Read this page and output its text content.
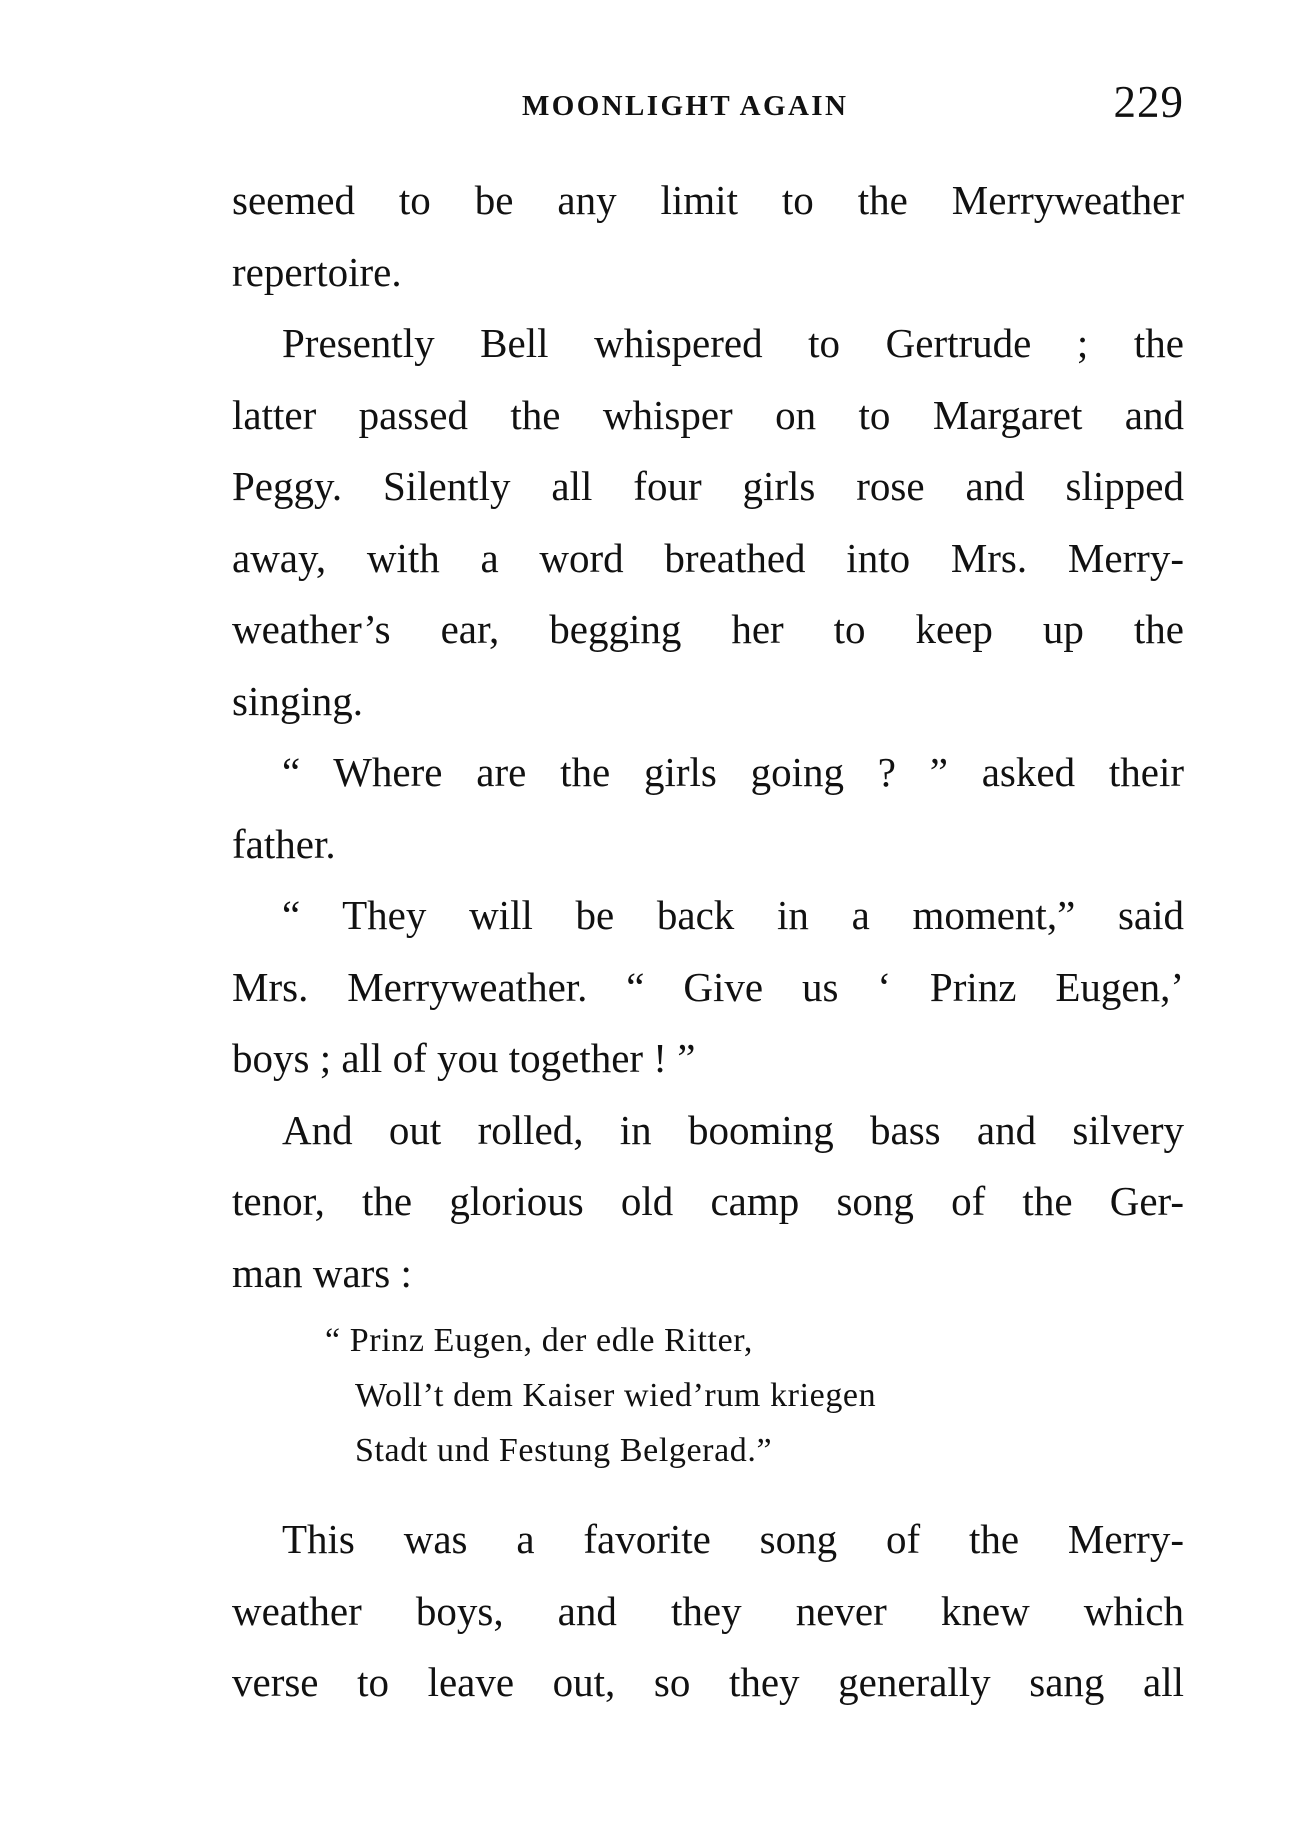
MOONLIGHT AGAIN	229
seemed to be any limit to the Merryweather
repertoire.
Presently Bell whispered to Gertrude ; the
latter passed the whisper on to Margaret and
Peggy. Silently all four girls rose and slipped
away, with a word breathed into Mrs. Merry-
weather’s ear, begging her to keep up the
singing.
“ Where are the girls going ? ” asked their
father.
“ They will be back in a moment,” said
Mrs. Merryweather. “ Give us ‘ Prinz Eugen,’
boys ; all of you together ! ”
And out rolled, in booming bass and silvery
tenor, the glorious old camp song of the Ger-
man wars :
“ Prinz Eugen, der edle Ritter,
Woll’t dem Kaiser wied’rum kriegen
Stadt und Festung Belgerad.”
This was a favorite song of the Merry-
weather boys, and they never knew which
verse to leave out, so they generally sang all
